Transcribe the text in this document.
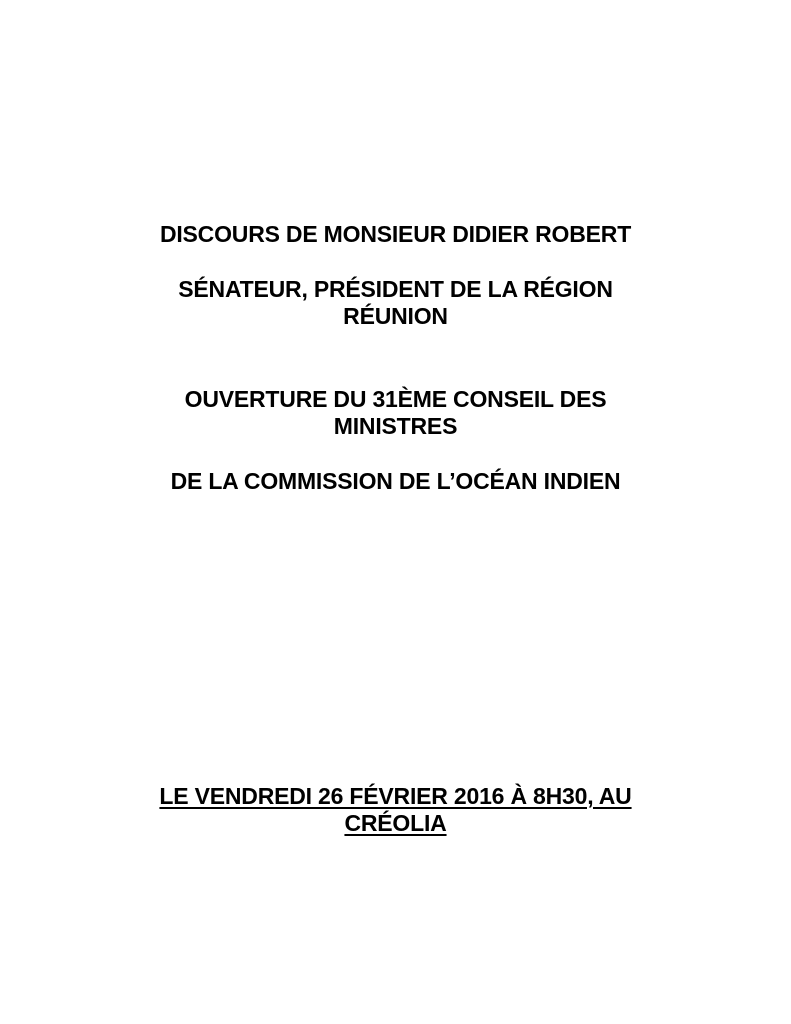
DISCOURS DE MONSIEUR DIDIER ROBERT
SÉNATEUR, PRÉSIDENT DE LA RÉGION
RÉUNION
OUVERTURE DU 31ÈME CONSEIL DES
MINISTRES
DE LA COMMISSION DE L’OCÉAN INDIEN
LE VENDREDI 26 FÉVRIER 2016 À 8H30, AU
CRÉOLIA
